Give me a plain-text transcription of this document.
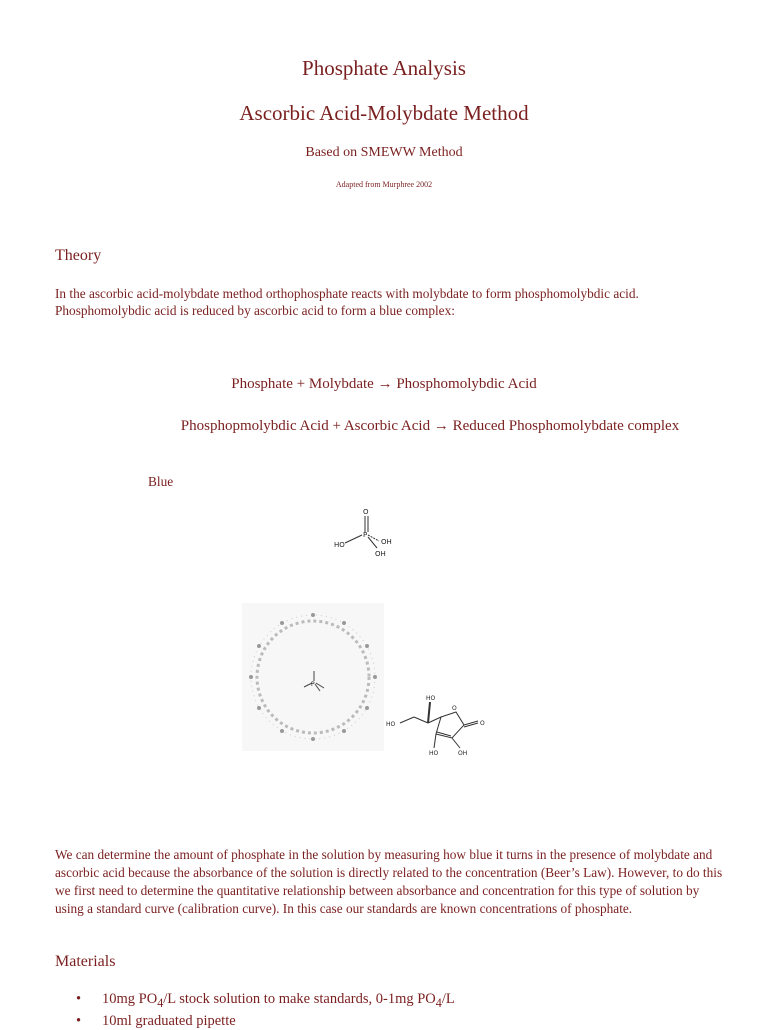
Phosphate Analysis
Ascorbic Acid-Molybdate Method
Based on SMEWW Method
Adapted from Murphree 2002
Theory
In the ascorbic acid-molybdate method orthophosphate reacts with molybdate to form phosphomolybdic acid. Phosphomolybdic acid is reduced by ascorbic acid to form a blue complex:
Phosphate + Molybdate → Phosphomolybdic Acid
Phosphopmolybdic Acid + Ascorbic Acid → Reduced Phosphomolybdate complex
Blue
HO
P
O
OH
OH
P
HO
HO
O
O
HO	OH
We can determine the amount of phosphate in the solution by measuring how blue it turns in the presence of molybdate and ascorbic acid because the absorbance of the solution is directly related to the concentration (Beer’s Law). However, to do this we first need to determine the quantitative relationship between absorbance and concentration for this type of solution by using a standard curve (calibration curve). In this case our standards are known concentrations of phosphate.
Materials
• 10mg $PO_4/L$ stock solution to make standards, 0-1mg $PO_4/L$
• 10ml graduated pipette
